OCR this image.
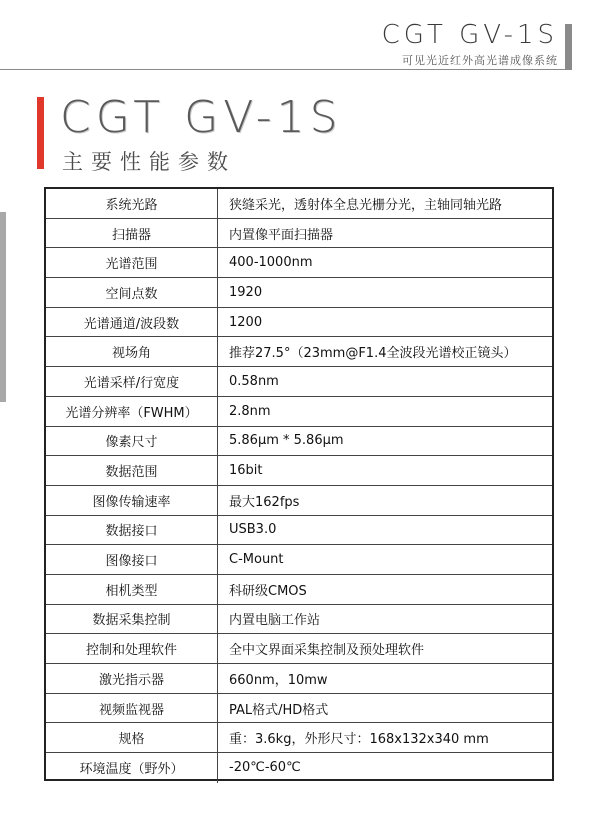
CGT GV-1S
可见光近红外高光谱成像系统
CGT GV-1S
主要性能参数
系统光路	狭缝采光，透射体全息光栅分光，主轴同轴光路
扫描器	内置像平面扫描器
光谱范围	400-1000nm
空间点数	1920
光谱通道/波段数	1200
视场角	推荐27.5°（23mm@F1.4全波段光谱校正镜头）
光谱采样/行宽度	0.58nm
光谱分辨率（FWHM）	2.8nm
像素尺寸	5.86μm * 5.86μm
数据范围	16bit
图像传输速率	最大162fps
数据接口	USB3.0
图像接口	C-Mount
相机类型	科研级CMOS
数据采集控制	内置电脑工作站
控制和处理软件	全中文界面采集控制及预处理软件
激光指示器	660nm，10mw
视频监视器	PAL格式/HD格式
规格	重：3.6kg，外形尺寸：168x132x340 mm
环境温度（野外）	-20℃-60℃
